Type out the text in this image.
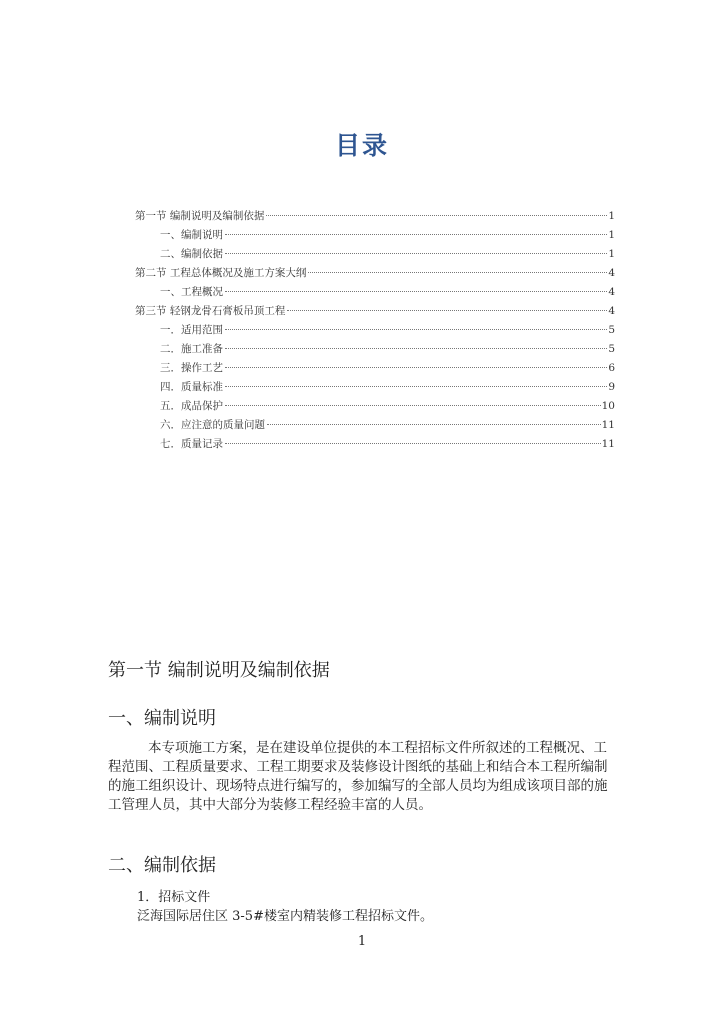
目录
第一节 编制说明及编制依据	1
一、编制说明	1
二、编制依据	1
第二节 工程总体概况及施工方案大纲	4
一、工程概况	4
第三节 轻钢龙骨石膏板吊顶工程	4
一．适用范围	5
二．施工准备	5
三．操作工艺	6
四．质量标准	9
五．成品保护	10
六．应注意的质量问题	11
七．质量记录	11
第一节 编制说明及编制依据
一、编制说明
本专项施工方案，是在建设单位提供的本工程招标文件所叙述的工程概况、工程范围、工程质量要求、工程工期要求及装修设计图纸的基础上和结合本工程所编制的施工组织设计、现场特点进行编写的，参加编写的全部人员均为组成该项目部的施工管理人员，其中大部分为装修工程经验丰富的人员。
二、编制依据
1．招标文件
泛海国际居住区 3-5#楼室内精装修工程招标文件。
1
